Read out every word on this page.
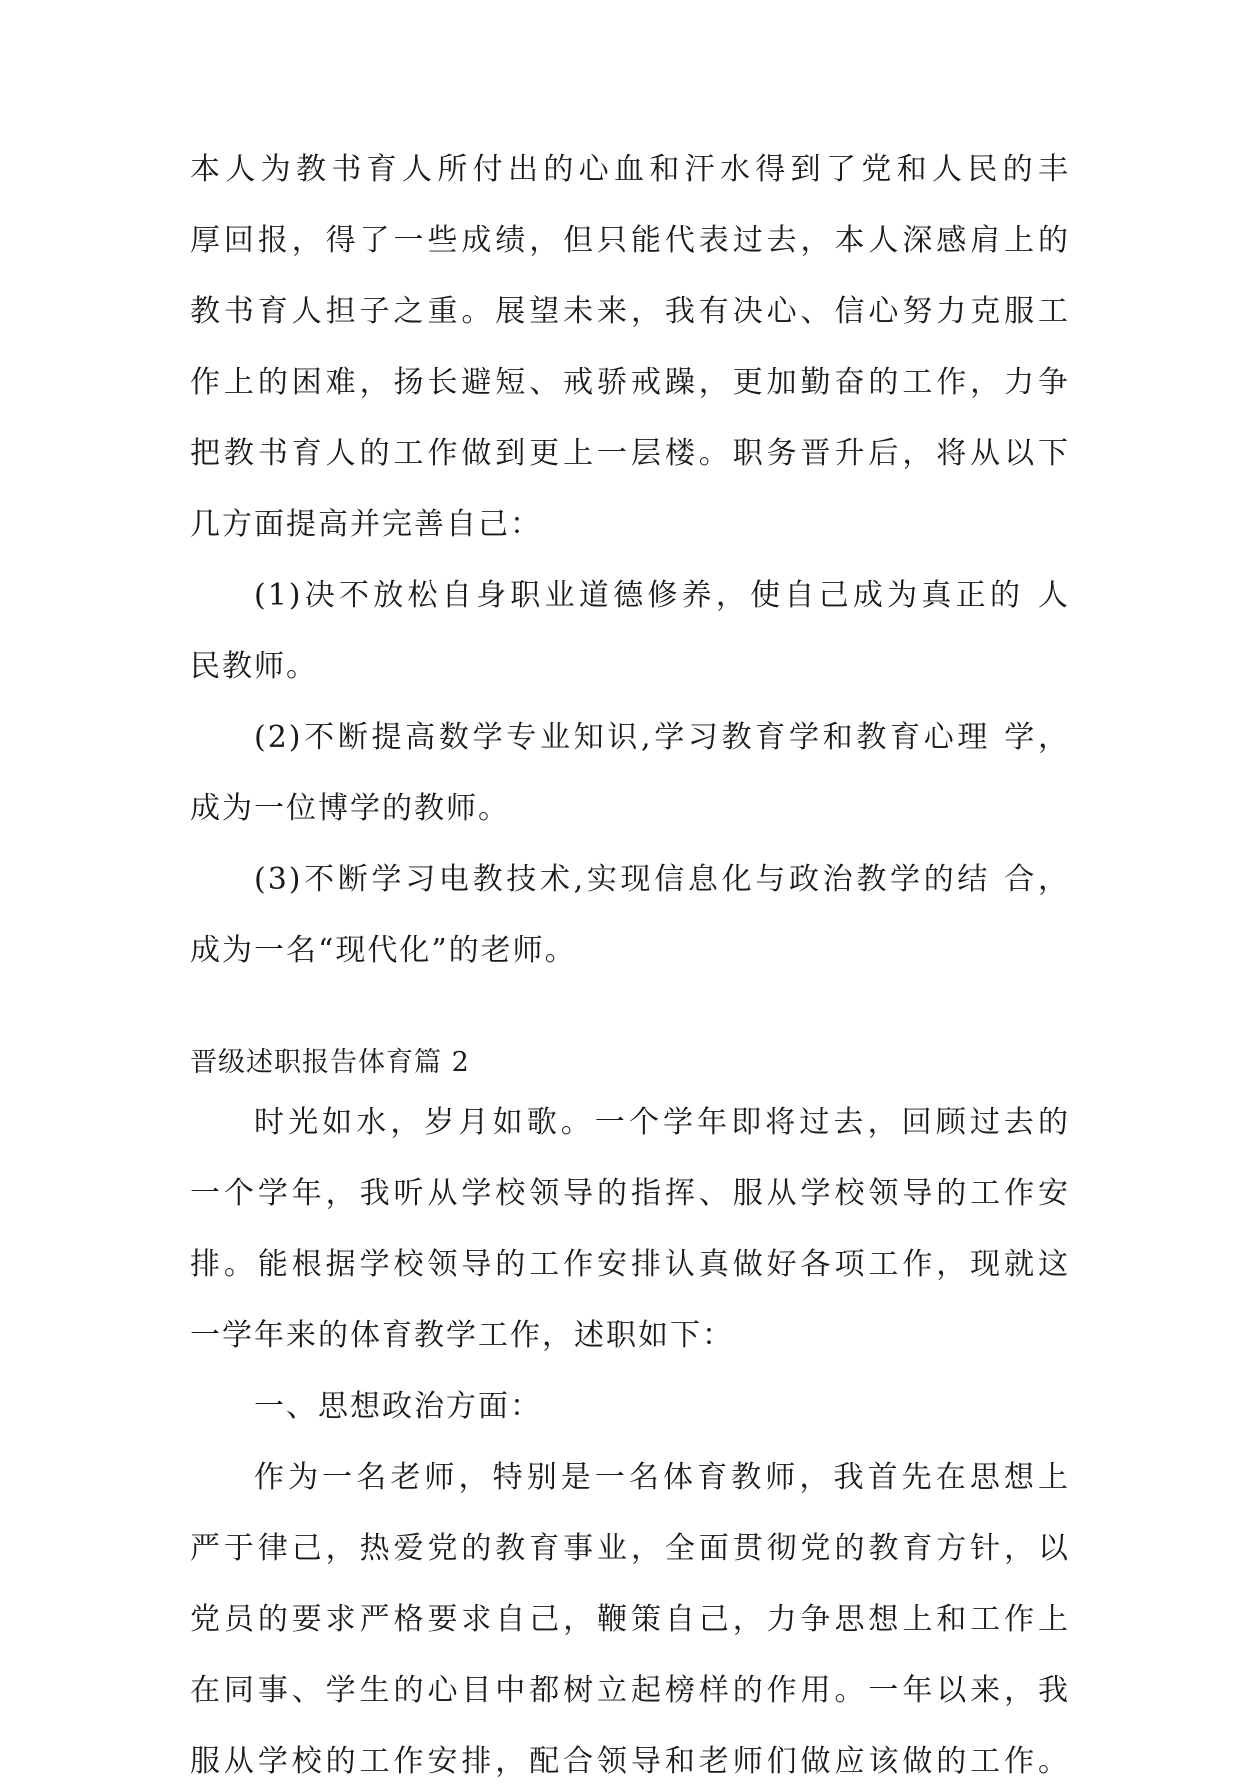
本人为教书育人所付出的心血和汗水得到了党和人民的丰
厚回报，得了一些成绩，但只能代表过去，本人深感肩上的
教书育人担子之重。展望未来，我有决心、信心努力克服工
作上的困难，扬长避短、戒骄戒躁，更加勤奋的工作，力争
把教书育人的工作做到更上一层楼。职务晋升后，将从以下
几方面提高并完善自己：
(1)决不放松自身职业道德修养，使自己成为真正的 人
民教师。
(2)不断提高数学专业知识,学习教育学和教育心理 学，
成为一位博学的教师。
(3)不断学习电教技术,实现信息化与政治教学的结 合，
成为一名“现代化”的老师。
晋级述职报告体育篇 2
时光如水，岁月如歌。一个学年即将过去，回顾过去的
一个学年，我听从学校领导的指挥、服从学校领导的工作安
排。能根据学校领导的工作安排认真做好各项工作，现就这
一学年来的体育教学工作，述职如下：
一、思想政治方面：
作为一名老师，特别是一名体育教师，我首先在思想上
严于律己，热爱党的教育事业，全面贯彻党的教育方针，以
党员的要求严格要求自己，鞭策自己，力争思想上和工作上
在同事、学生的心目中都树立起榜样的作用。一年以来，我
服从学校的工作安排，配合领导和老师们做应该做的工作。
